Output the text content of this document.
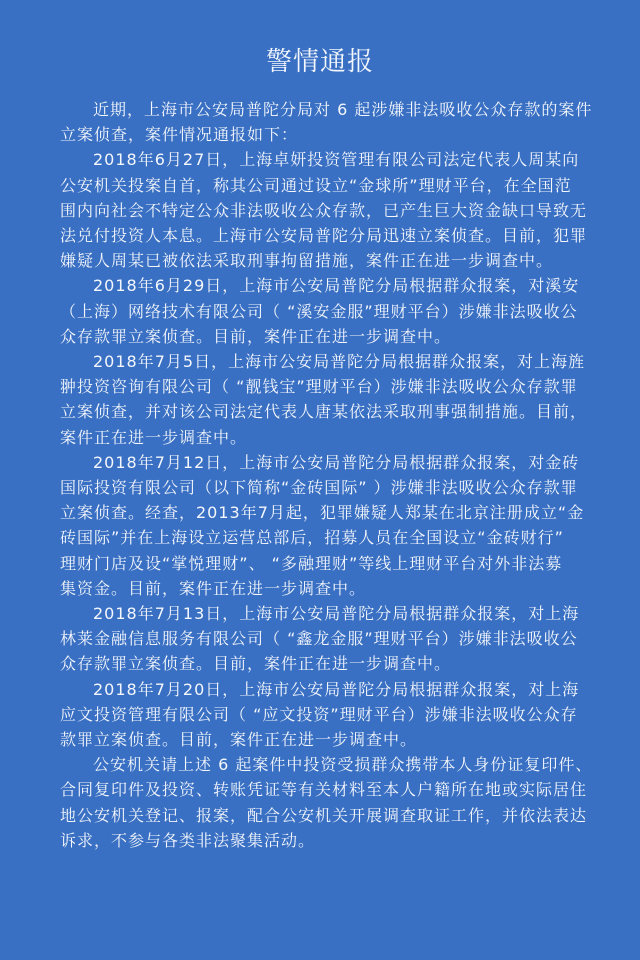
警情通报
近期，上海市公安局普陀分局对 6 起涉嫌非法吸收公众存款的案件
立案侦查，案件情况通报如下：
2018年6月27日，上海卓妍投资管理有限公司法定代表人周某向
公安机关投案自首，称其公司通过设立“金球所”理财平台，在全国范
围内向社会不特定公众非法吸收公众存款，已产生巨大资金缺口导致无
法兑付投资人本息。上海市公安局普陀分局迅速立案侦查。目前，犯罪
嫌疑人周某已被依法采取刑事拘留措施，案件正在进一步调查中。
2018年6月29日，上海市公安局普陀分局根据群众报案，对溪安
（上海）网络技术有限公司（ “溪安金服”理财平台）涉嫌非法吸收公
众存款罪立案侦查。目前，案件正在进一步调查中。
2018年7月5日，上海市公安局普陀分局根据群众报案，对上海旌
翀投资咨询有限公司（ “靓钱宝”理财平台）涉嫌非法吸收公众存款罪
立案侦查，并对该公司法定代表人唐某依法采取刑事强制措施。目前，
案件正在进一步调查中。
2018年7月12日，上海市公安局普陀分局根据群众报案，对金砖
国际投资有限公司（以下简称“金砖国际” ）涉嫌非法吸收公众存款罪
立案侦查。经查，2013年7月起，犯罪嫌疑人郑某在北京注册成立“金
砖国际”并在上海设立运营总部后，招募人员在全国设立“金砖财行”
理财门店及设“掌悦理财”、 “多融理财”等线上理财平台对外非法募
集资金。目前，案件正在进一步调查中。
2018年7月13日，上海市公安局普陀分局根据群众报案，对上海
林莱金融信息服务有限公司（ “鑫龙金服”理财平台）涉嫌非法吸收公
众存款罪立案侦查。目前，案件正在进一步调查中。
2018年7月20日，上海市公安局普陀分局根据群众报案，对上海
应文投资管理有限公司（ “应文投资”理财平台）涉嫌非法吸收公众存
款罪立案侦查。目前，案件正在进一步调查中。
公安机关请上述 6 起案件中投资受损群众携带本人身份证复印件、
合同复印件及投资、转账凭证等有关材料至本人户籍所在地或实际居住
地公安机关登记、报案，配合公安机关开展调查取证工作，并依法表达
诉求，不参与各类非法聚集活动。
